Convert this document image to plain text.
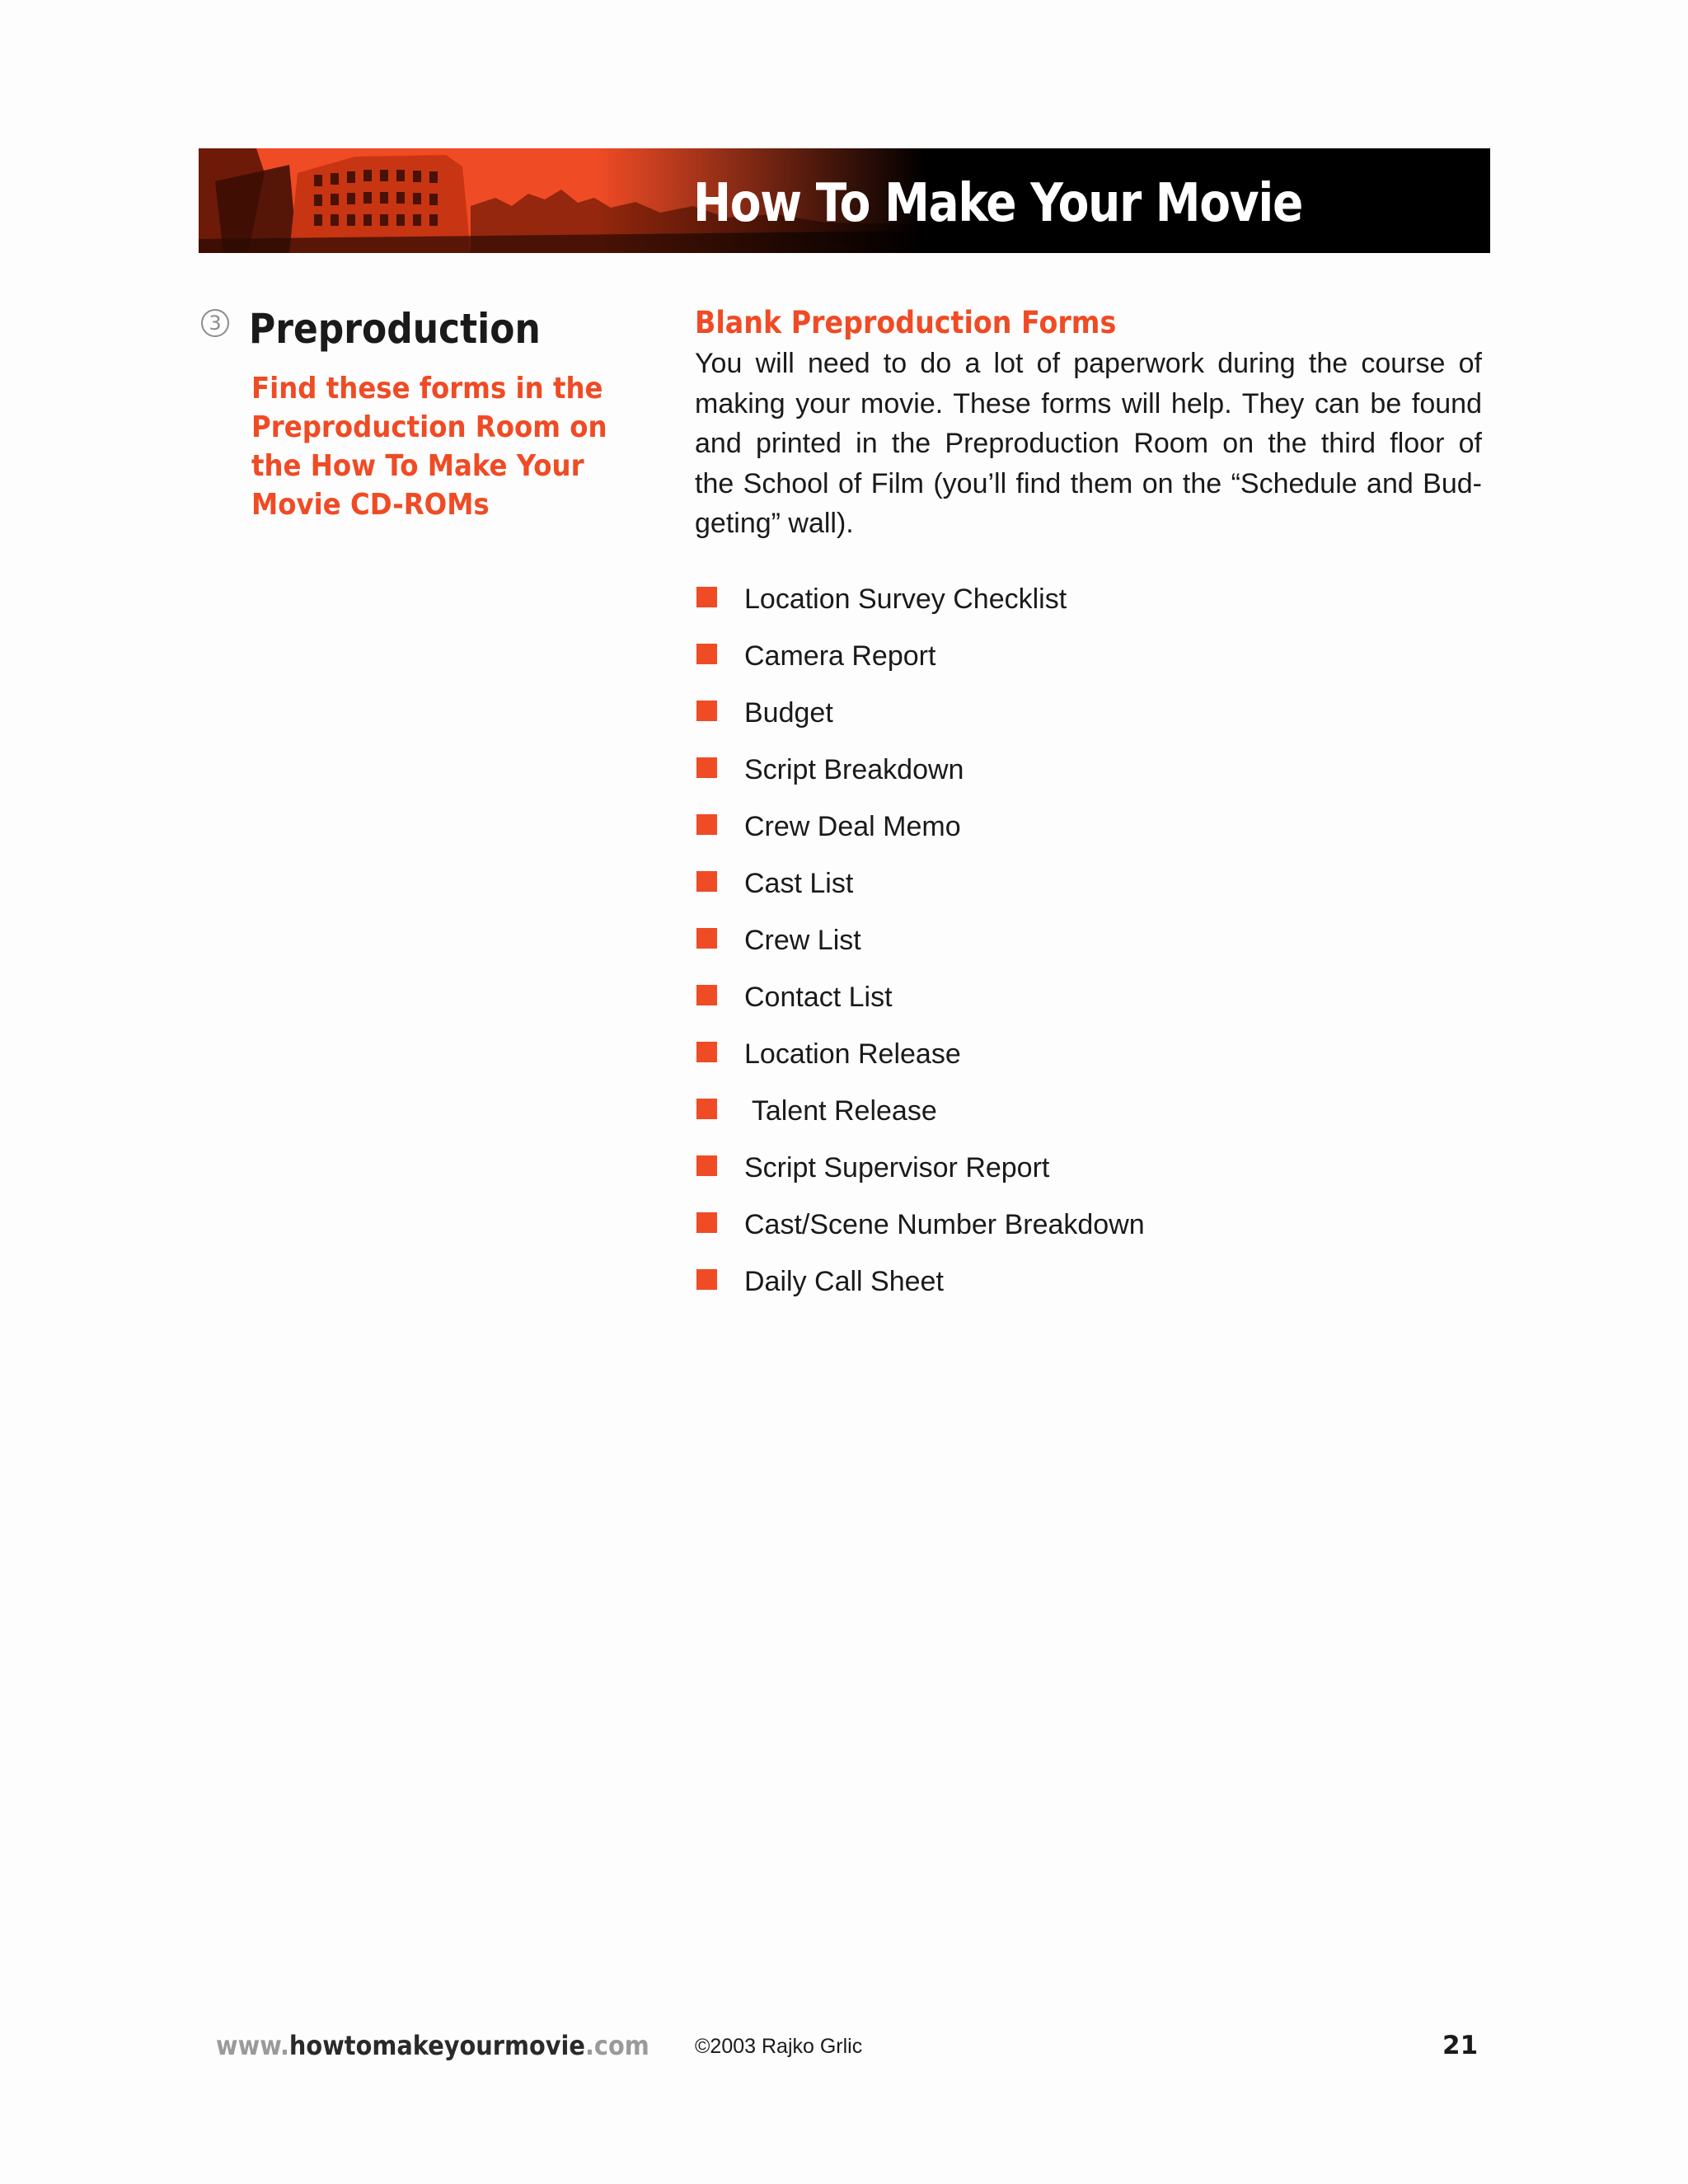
How To Make Your Movie
3 Preproduction

Find these forms in the
Preproduction Room on
the How To Make Your
Movie CD-ROMs

Blank Preproduction Forms

You will need to do a lot of paperwork during the course of
making your movie. These forms will help. They can be found
and printed in the Preproduction Room on the third floor of
the School of Film (you’ll find them on the “Schedule and Bud-
geting” wall).

Location Survey Checklist
Camera Report
Budget
Script Breakdown
Crew Deal Memo
Cast List
Crew List
Contact List
Location Release
Talent Release
Script Supervisor Report
Cast/Scene Number Breakdown
Daily Call Sheet

www.howtomakeyourmovie.com ©2003 Rajko Grlic	21
